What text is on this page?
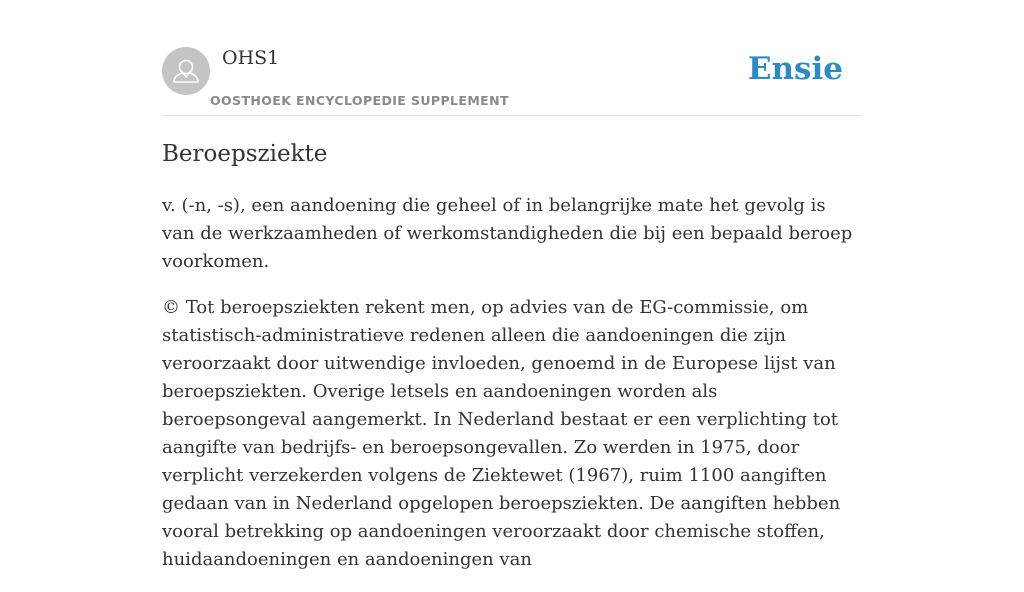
OHS1
OOSTHOEK ENCYCLOPEDIE SUPPLEMENT
Ensie
Beroepsziekte

v. (-n, -s), een aandoening die geheel of in belangrijke mate het gevolg is van de werkzaamheden of werkomstandigheden die bij een bepaald beroep voorkomen.

© Tot beroepsziekten rekent men, op advies van de EG-commissie, om statistisch-administratieve redenen alleen die aandoeningen die zijn veroorzaakt door uitwendige invloeden, genoemd in de Europese lijst van beroepsziekten. Overige letsels en aandoeningen worden als beroepsongeval aangemerkt. In Nederland bestaat er een verplichting tot aangifte van bedrijfs- en beroepsongevallen. Zo werden in 1975, door verplicht verzekerden volgens de Ziektewet (1967), ruim 1100 aangiften gedaan van in Nederland opgelopen beroepsziekten. De aangiften hebben vooral betrekking op aandoeningen veroorzaakt door chemische stoffen, huidaandoeningen en aandoeningen van
